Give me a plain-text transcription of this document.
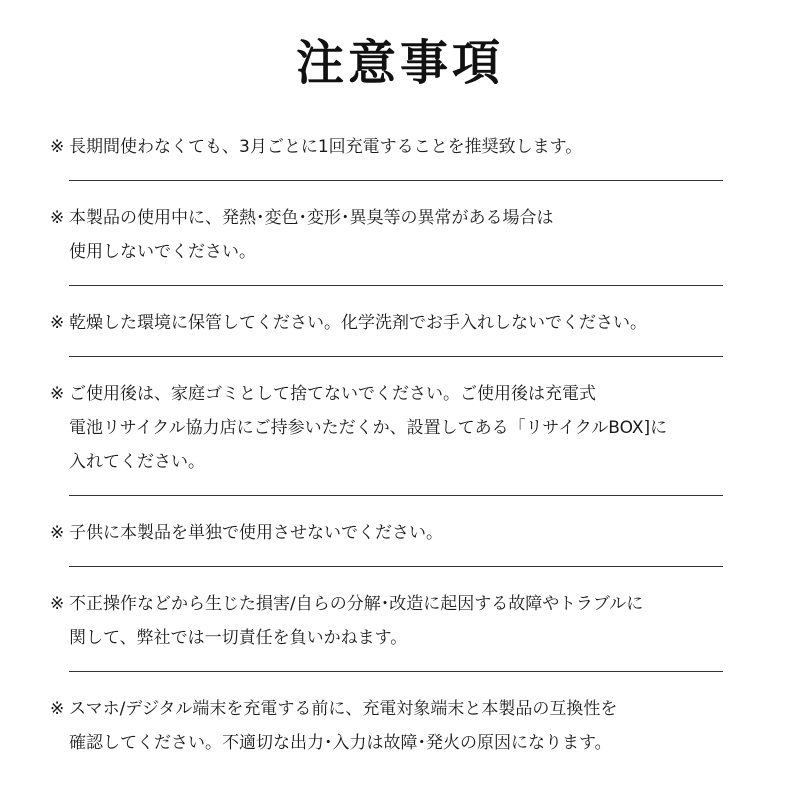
注意事項
※ 長期間使わなくても、3月ごとに1回充電することを推奨致します。
※ 本製品の使用中に、発熱･変色･変形･異臭等の異常がある場合は
使用しないでください。
※ 乾燥した環境に保管してください。化学洗剤でお手入れしないでください。
※ ご使用後は、家庭ゴミとして捨てないでください。ご使用後は充電式
電池リサイクル協力店にご持参いただくか、設置してある「リサイクルBOX]に
入れてください。
※ 子供に本製品を単独で使用させないでください。
※ 不正操作などから生じた損害/自らの分解･改造に起因する故障やトラブルに
関して、弊社では一切責任を負いかねます。
※ スマホ/デジタル端末を充電する前に、充電対象端末と本製品の互換性を
確認してください。不適切な出力･入力は故障･発火の原因になります。
